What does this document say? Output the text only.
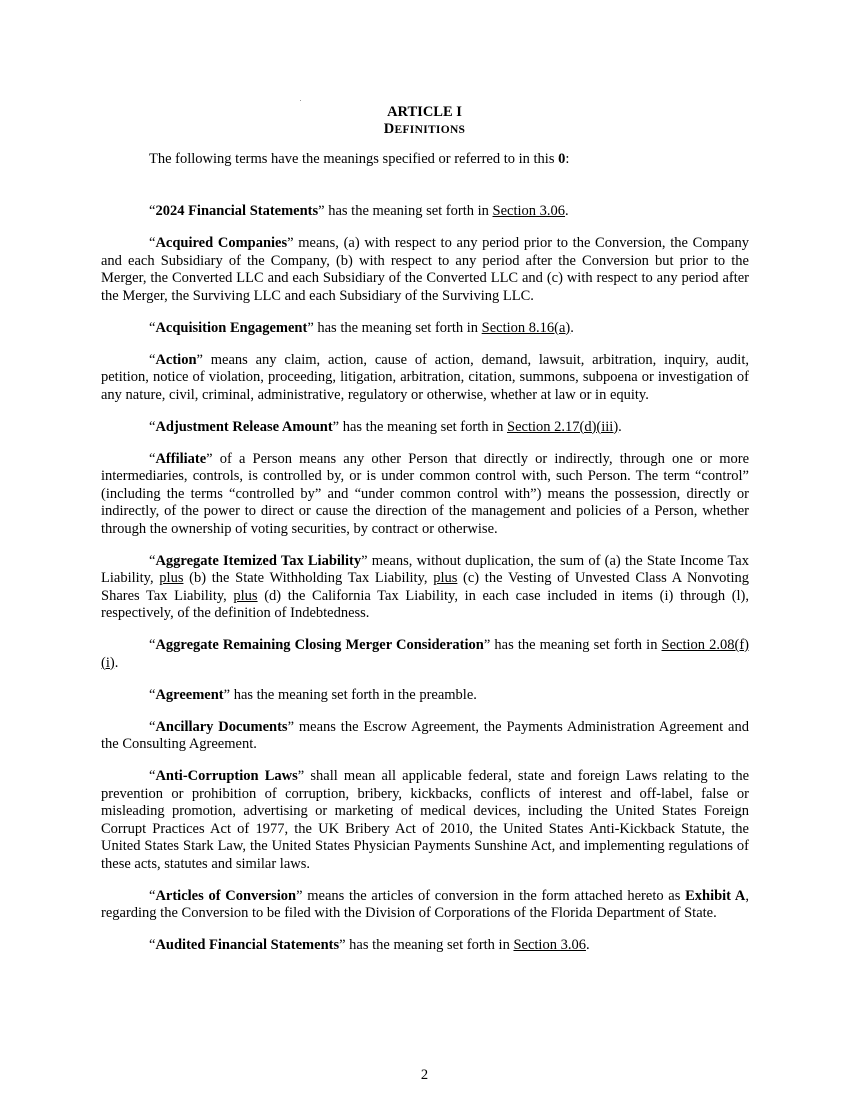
ARTICLE I
DEFINITIONS
The following terms have the meanings specified or referred to in this 0:

“2024 Financial Statements” has the meaning set forth in Section 3.06.

“Acquired Companies” means, (a) with respect to any period prior to the Conversion, the Company and each Subsidiary of the Company, (b) with respect to any period after the Conversion but prior to the Merger, the Converted LLC and each Subsidiary of the Converted LLC and (c) with respect to any period after the Merger, the Surviving LLC and each Subsidiary of the Surviving LLC.

“Acquisition Engagement” has the meaning set forth in Section 8.16(a).

“Action” means any claim, action, cause of action, demand, lawsuit, arbitration, inquiry, audit, petition, notice of violation, proceeding, litigation, arbitration, citation, summons, subpoena or investigation of any nature, civil, criminal, administrative, regulatory or otherwise, whether at law or in equity.

“Adjustment Release Amount” has the meaning set forth in Section 2.17(d)(iii).

“Affiliate” of a Person means any other Person that directly or indirectly, through one or more intermediaries, controls, is controlled by, or is under common control with, such Person. The term “control” (including the terms “controlled by” and “under common control with”) means the possession, directly or indirectly, of the power to direct or cause the direction of the management and policies of a Person, whether through the ownership of voting securities, by contract or otherwise.

“Aggregate Itemized Tax Liability” means, without duplication, the sum of (a) the State Income Tax Liability, plus (b) the State Withholding Tax Liability, plus (c) the Vesting of Unvested Class A Nonvoting Shares Tax Liability, plus (d) the California Tax Liability, in each case included in items (i) through (l), respectively, of the definition of Indebtedness.

“Aggregate Remaining Closing Merger Consideration” has the meaning set forth in Section 2.08(f)(i).

“Agreement” has the meaning set forth in the preamble.

“Ancillary Documents” means the Escrow Agreement, the Payments Administration Agreement and the Consulting Agreement.

“Anti-Corruption Laws” shall mean all applicable federal, state and foreign Laws relating to the prevention or prohibition of corruption, bribery, kickbacks, conflicts of interest and off-label, false or misleading promotion, advertising or marketing of medical devices, including the United States Foreign Corrupt Practices Act of 1977, the UK Bribery Act of 2010, the United States Anti-Kickback Statute, the United States Stark Law, the United States Physician Payments Sunshine Act, and implementing regulations of these acts, statutes and similar laws.

“Articles of Conversion” means the articles of conversion in the form attached hereto as Exhibit A, regarding the Conversion to be filed with the Division of Corporations of the Florida Department of State.

“Audited Financial Statements” has the meaning set forth in Section 3.06.

2
